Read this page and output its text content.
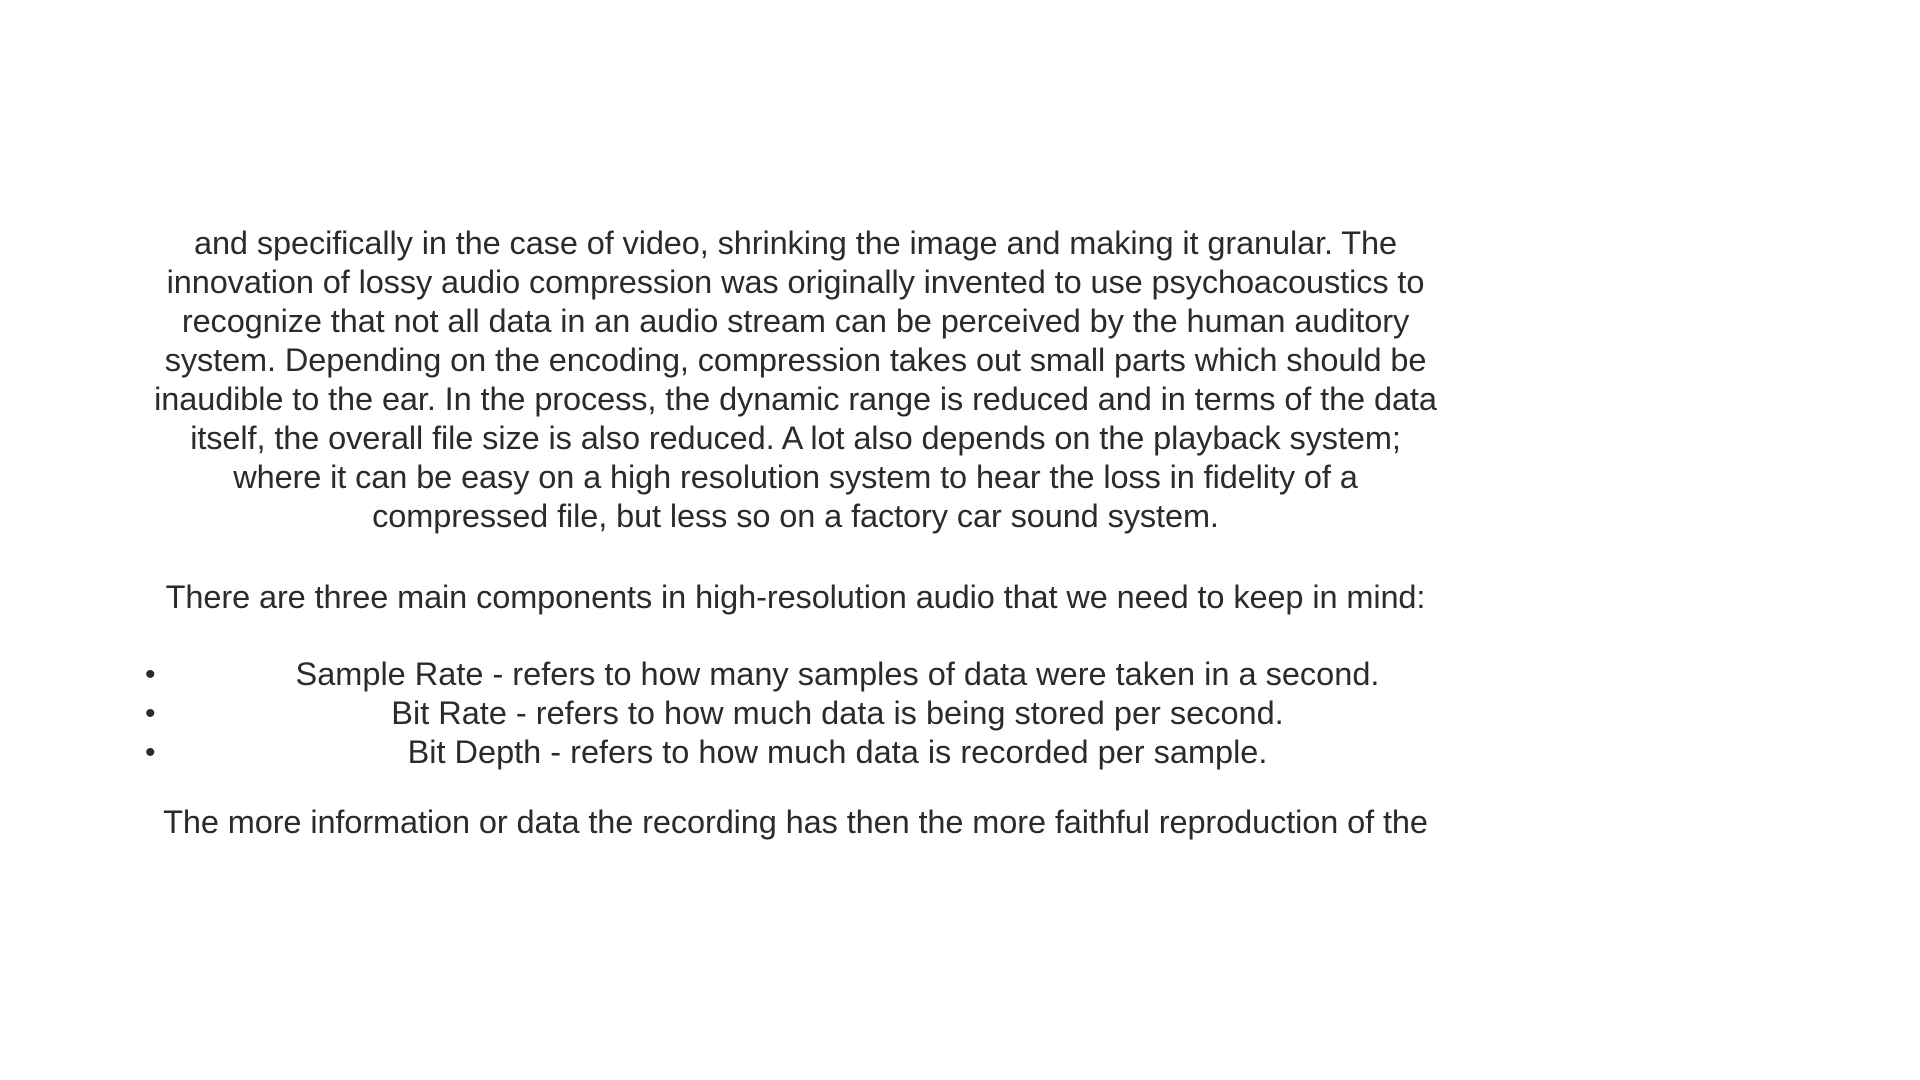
and specifically in the case of video, shrinking the image and making it granular. The
innovation of lossy audio compression was originally invented to use psychoacoustics to
recognize that not all data in an audio stream can be perceived by the human auditory
system. Depending on the encoding, compression takes out small parts which should be
inaudible to the ear. In the process, the dynamic range is reduced and in terms of the data
itself, the overall file size is also reduced. A lot also depends on the playback system;
where it can be easy on a high resolution system to hear the loss in fidelity of a
compressed file, but less so on a factory car sound system.

There are three main components in high-resolution audio that we need to keep in mind:

•	Sample Rate - refers to how many samples of data were taken in a second.
•	Bit Rate - refers to how much data is being stored per second.
•	Bit Depth - refers to how much data is recorded per sample.

The more information or data the recording has then the more faithful reproduction of the
